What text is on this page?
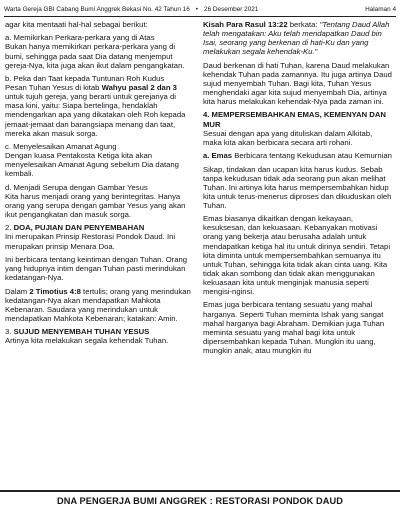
Warta Gereja GBI Cabang Bumi Anggrek Bekasi No. 42 Tahun 16 • 26 Desember 2021	Halaman 4

agar kita mentaati hal-hal sebagai berikut:

a. Memikirkan Perkara-perkara yang di Atas

Bukan hanya memikirkan perkara-perkara yang di bumi, sehingga pada saat Dia datang menjemput gereja-Nya, kita juga akan ikut dalam pengangkatan.

b. Peka dan Taat kepada Tuntunan Roh Kudus

Pesan Tuhan Yesus di kitab Wahyu pasal 2 dan 3 untuk tujuh gereja, yang berarti untuk gerejanya di masa kini, yaitu: Siapa bertelinga, hendaklah mendengarkan apa yang dikatakan oleh Roh kepada jemaat-jemaat dan barangsiapa menang dan taat, mereka akan masuk sorga.

c. Menyelesaikan Amanat Agung

Dengan kuasa Pentakosta Ketiga kita akan menyelesaikan Amanat Agung sebelum Dia datang kembali.

d. Menjadi Serupa dengan Gambar Yesus

Kita harus menjadi orang yang berintegritas. Hanya orang yang serupa dengan gambar Yesus yang akan ikut pengangkatan dan masuk sorga.

2. DOA, PUJIAN DAN PENYEMBAHAN

Ini merupakan Prinsip Restorasi Pondok Daud. Ini merupakan prinsip Menara Doa.

Ini berbicara tentang keintiman dengan Tuhan. Orang yang hidupnya intim dengan Tuhan pasti merindukan kedatangan-Nya.

Dalam 2 Timotius 4:8 tertulis; orang yang merindukan kedatangan-Nya akan mendapatkan Mahkota Kebenaran. Saudara yang merindukan untuk mendapatkan Mahkota Kebenaran; katakan: Amin.

3. SUJUD MENYEMBAH TUHAN YESUS

Artinya kita melakukan segala kehendak Tuhan.

Kisah Para Rasul 13:22 berkata: "Tentang Daud Allah telah mengatakan: Aku telah mendapatkan Daud bin Isai, seorang yang berkenan di hati-Ku dan yang melakukan segala kehendak-Ku."

Daud berkenan di hati Tuhan, karena Daud melakukan kehendak Tuhan pada zamannya. Itu juga artinya Daud sujud menyembah Tuhan. Bagi kita, Tuhan Yesus menghendaki agar kita sujud menyembah Dia, artinya kita harus melakukan kehendak-Nya pada zaman ini.

4. MEMPERSEMBAHKAN EMAS, KEMENYAN DAN MUR

Sesuai dengan apa yang dituliskan dalam Alkitab, maka kita akan berbicara secara arti rohani.

a. Emas Berbicara tentang Kekudusan atau Kemurnian

Sikap, tindakan dan ucapan kita harus kudus. Sebab tanpa kekudusan tidak ada seorang pun akan melihat Tuhan. Ini artinya kita harus mempersembahkan hidup kita untuk terus-menerus diproses dan dikuduskan oleh Tuhan.

Emas biasanya dikaitkan dengan kekayaan, kesuksesan, dan kekuasaan. Kebanyakan motivasi orang yang bekerja atau berusaha adalah untuk mendapatkan ketiga hal itu untuk dirinya sendiri. Tetapi kita diminta untuk mempersembahkan semuanya itu untuk Tuhan, sehingga kita tidak akan cinta uang. Kita tidak akan sombong dan tidak akan menggunakan kekuasaan kita untuk menginjak manusia seperti mengisi-nginsi.

Emas juga berbicara tentang sesuatu yang mahal harganya. Seperti Tuhan meminta Ishak yang sangat mahal harganya bagi Abraham. Demikian juga Tuhan meminta sesuatu yang mahal bagi kita untuk dipersembahkan kepada Tuhan. Mungkin itu uang, mungkin anak, atau mungkin itu

DNA PENGERJA BUMI ANGGREK : RESTORASI PONDOK DAUD
